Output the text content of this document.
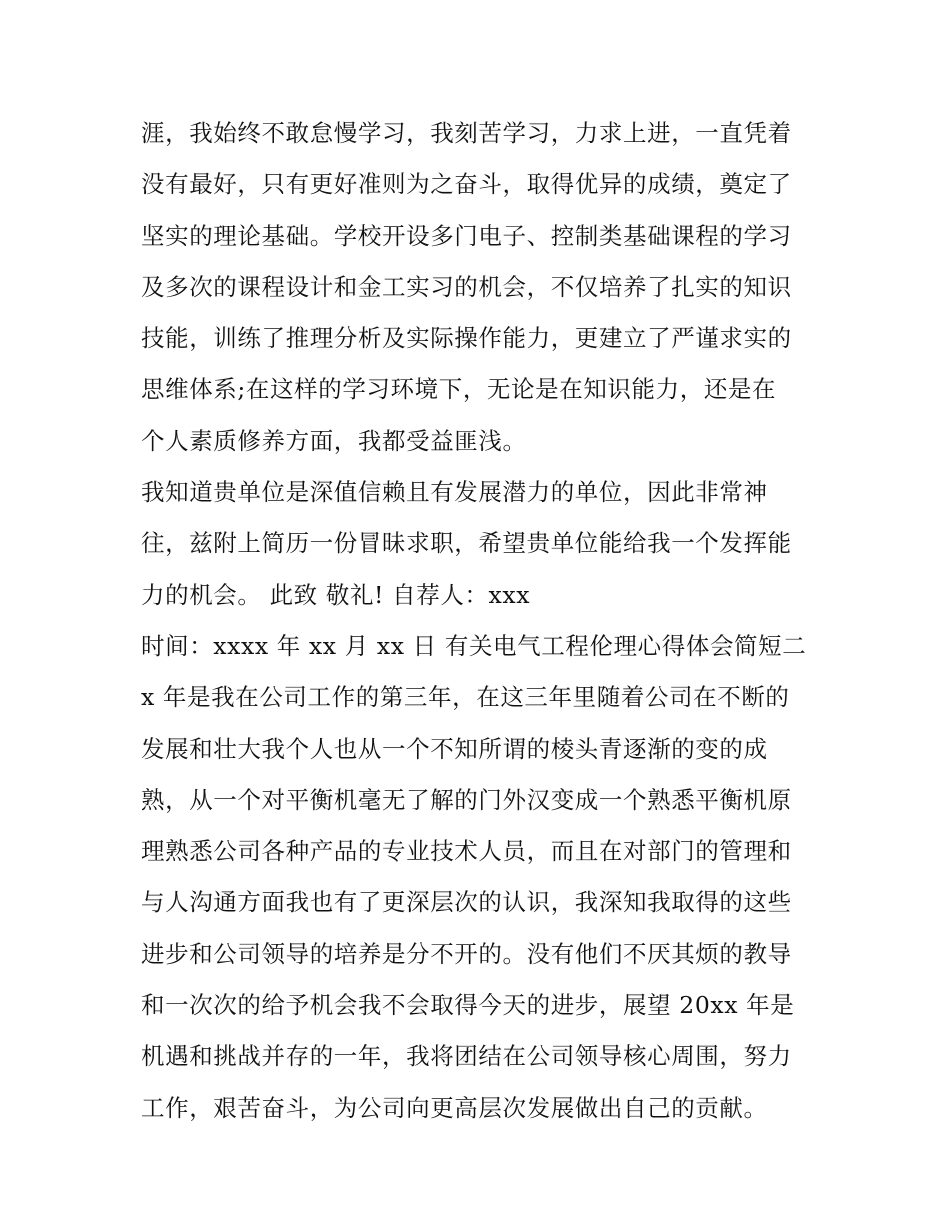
涯，我始终不敢怠慢学习，我刻苦学习，力求上进，一直凭着
没有最好，只有更好准则为之奋斗，取得优异的成绩，奠定了
坚实的理论基础。学校开设多门电子、控制类基础课程的学习
及多次的课程设计和金工实习的机会，不仅培养了扎实的知识
技能，训练了推理分析及实际操作能力，更建立了严谨求实的
思维体系;在这样的学习环境下，无论是在知识能力，还是在
个人素质修养方面，我都受益匪浅。
我知道贵单位是深值信赖且有发展潜力的单位，因此非常神
往，兹附上简历一份冒昧求职，希望贵单位能给我一个发挥能
力的机会。 此致 敬礼! 自荐人：xxx
时间：xxxx 年 xx 月 xx 日 有关电气工程伦理心得体会简短二
x 年是我在公司工作的第三年，在这三年里随着公司在不断的
发展和壮大我个人也从一个不知所谓的棱头青逐渐的变的成
熟，从一个对平衡机毫无了解的门外汉变成一个熟悉平衡机原
理熟悉公司各种产品的专业技术人员，而且在对部门的管理和
与人沟通方面我也有了更深层次的认识，我深知我取得的这些
进步和公司领导的培养是分不开的。没有他们不厌其烦的教导
和一次次的给予机会我不会取得今天的进步，展望 20xx 年是
机遇和挑战并存的一年，我将团结在公司领导核心周围，努力
工作，艰苦奋斗，为公司向更高层次发展做出自己的贡献。
